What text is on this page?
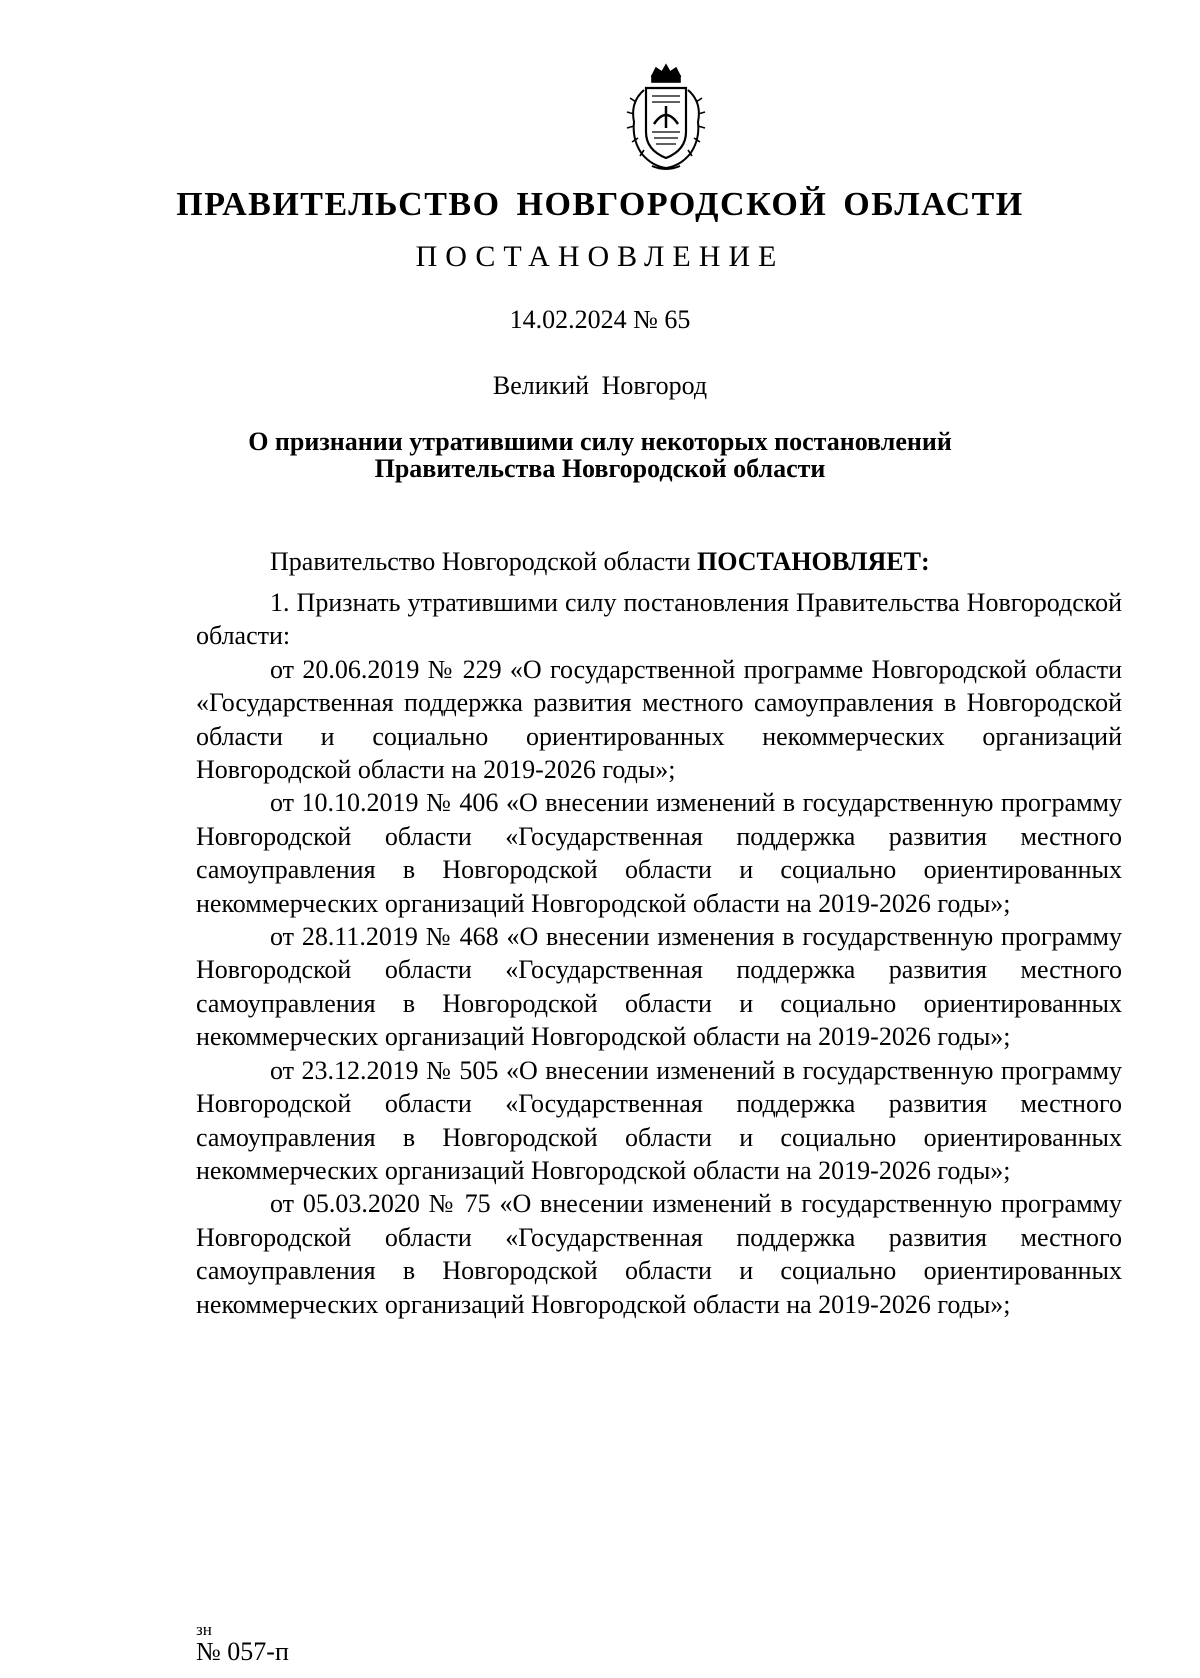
ПРАВИТЕЛЬСТВО НОВГОРОДСКОЙ ОБЛАСТИ
ПОСТАНОВЛЕНИЕ
14.02.2024 № 65
Великий Новгород
О признании утратившими силу некоторых постановлений
Правительства Новгородской области
Правительство Новгородской области ПОСТАНОВЛЯЕТ:

1. Признать утратившими силу постановления Правительства Новгородской области:

от 20.06.2019 № 229 «О государственной программе Новгородской области «Государственная поддержка развития местного самоуправления в Новгородской области и социально ориентированных некоммерческих организаций Новгородской области на 2019-2026 годы»;

от 10.10.2019 № 406 «О внесении изменений в государственную программу Новгородской области «Государственная поддержка развития местного самоуправления в Новгородской области и социально ориентированных некоммерческих организаций Новгородской области на 2019-2026 годы»;

от 28.11.2019 № 468 «О внесении изменения в государственную программу Новгородской области «Государственная поддержка развития местного самоуправления в Новгородской области и социально ориентированных некоммерческих организаций Новгородской области на 2019-2026 годы»;

от 23.12.2019 № 505 «О внесении изменений в государственную программу Новгородской области «Государственная поддержка развития местного самоуправления в Новгородской области и социально ориентированных некоммерческих организаций Новгородской области на 2019-2026 годы»;

от 05.03.2020 № 75 «О внесении изменений в государственную программу Новгородской области «Государственная поддержка развития местного самоуправления в Новгородской области и социально ориентированных некоммерческих организаций Новгородской области на 2019-2026 годы»;

зн
№ 057-п
